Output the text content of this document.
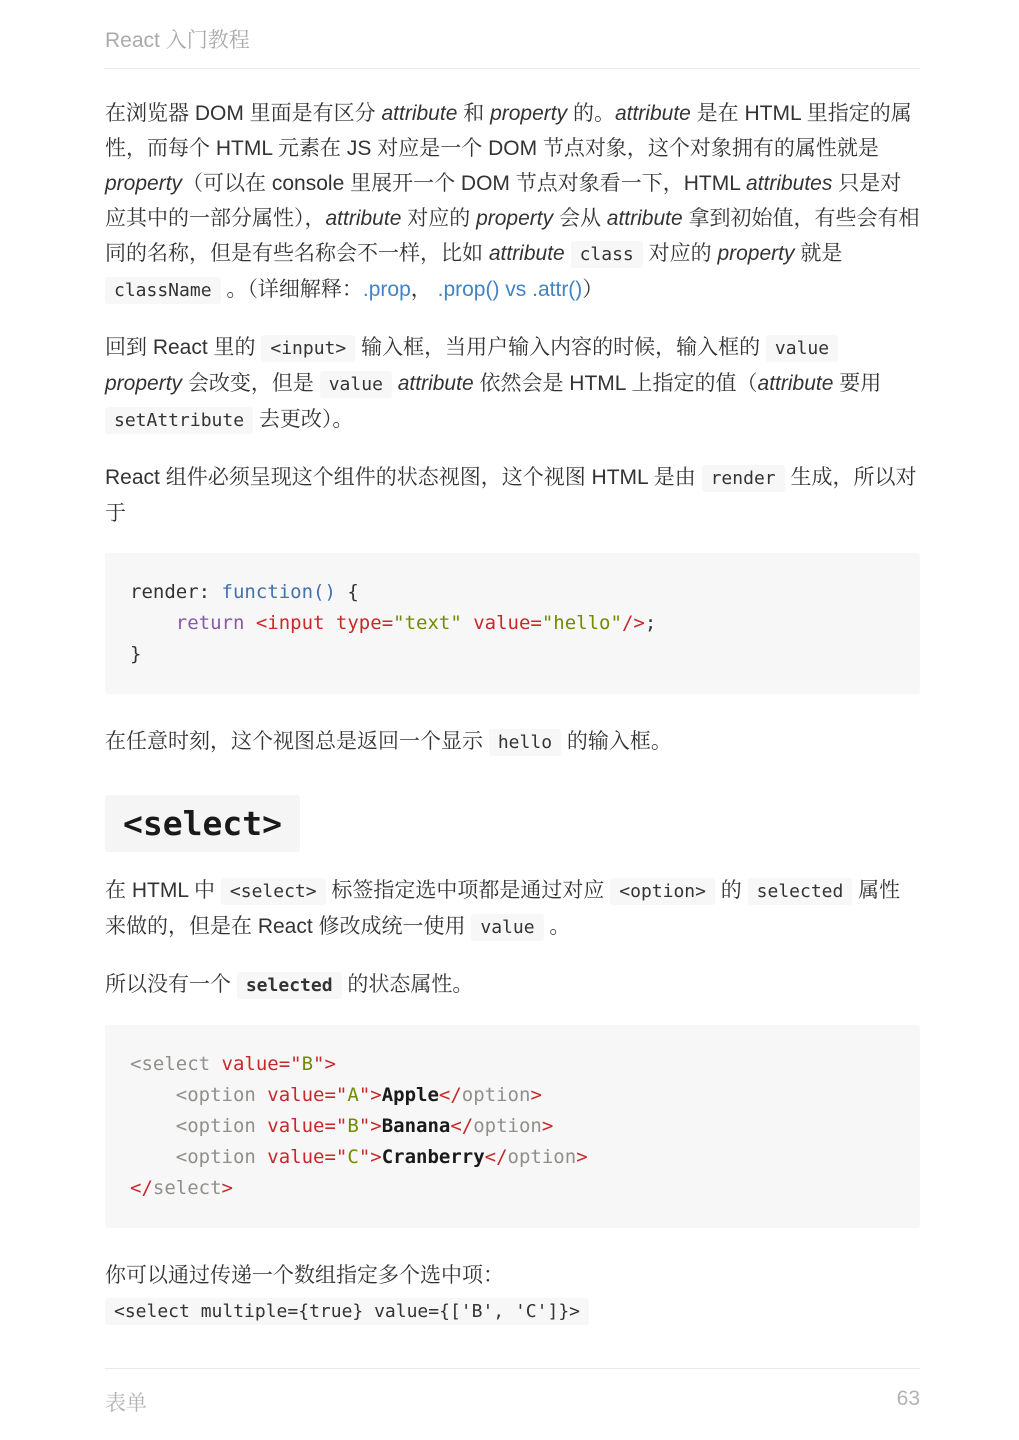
React 入门教程

在浏览器 DOM 里面是有区分 attribute 和 property 的。attribute 是在 HTML 里指定的属性，而每个 HTML 元素在 JS 对应是一个 DOM 节点对象，这个对象拥有的属性就是 property（可以在 console 里展开一个 DOM 节点对象看一下，HTML attributes 只是对应其中的一部分属性），attribute 对应的 property 会从 attribute 拿到初始值，有些会有相同的名称，但是有些名称会不一样，比如 attribute class 对应的 property 就是 className 。（详细解释：.prop， .prop() vs .attr()）

回到 React 里的 <input> 输入框，当用户输入内容的时候，输入框的 value property 会改变，但是 value attribute 依然会是 HTML 上指定的值（attribute 要用 setAttribute 去更改）。

React 组件必须呈现这个组件的状态视图，这个视图 HTML 是由 render 生成，所以对于

render: function() {
return <input type="text" value="hello"/>;
}

在任意时刻，这个视图总是返回一个显示 hello 的输入框。

<select>

在 HTML 中 <select> 标签指定选中项都是通过对应 <option> 的 selected 属性来做的，但是在 React 修改成统一使用 value 。

所以没有一个 selected 的状态属性。

<select value="B">
<option value="A">Apple</option>
<option value="B">Banana</option>
<option value="C">Cranberry</option>
</select>

你可以通过传递一个数组指定多个选中项： <select multiple={true} value={['B', 'C']}>

表单	63
